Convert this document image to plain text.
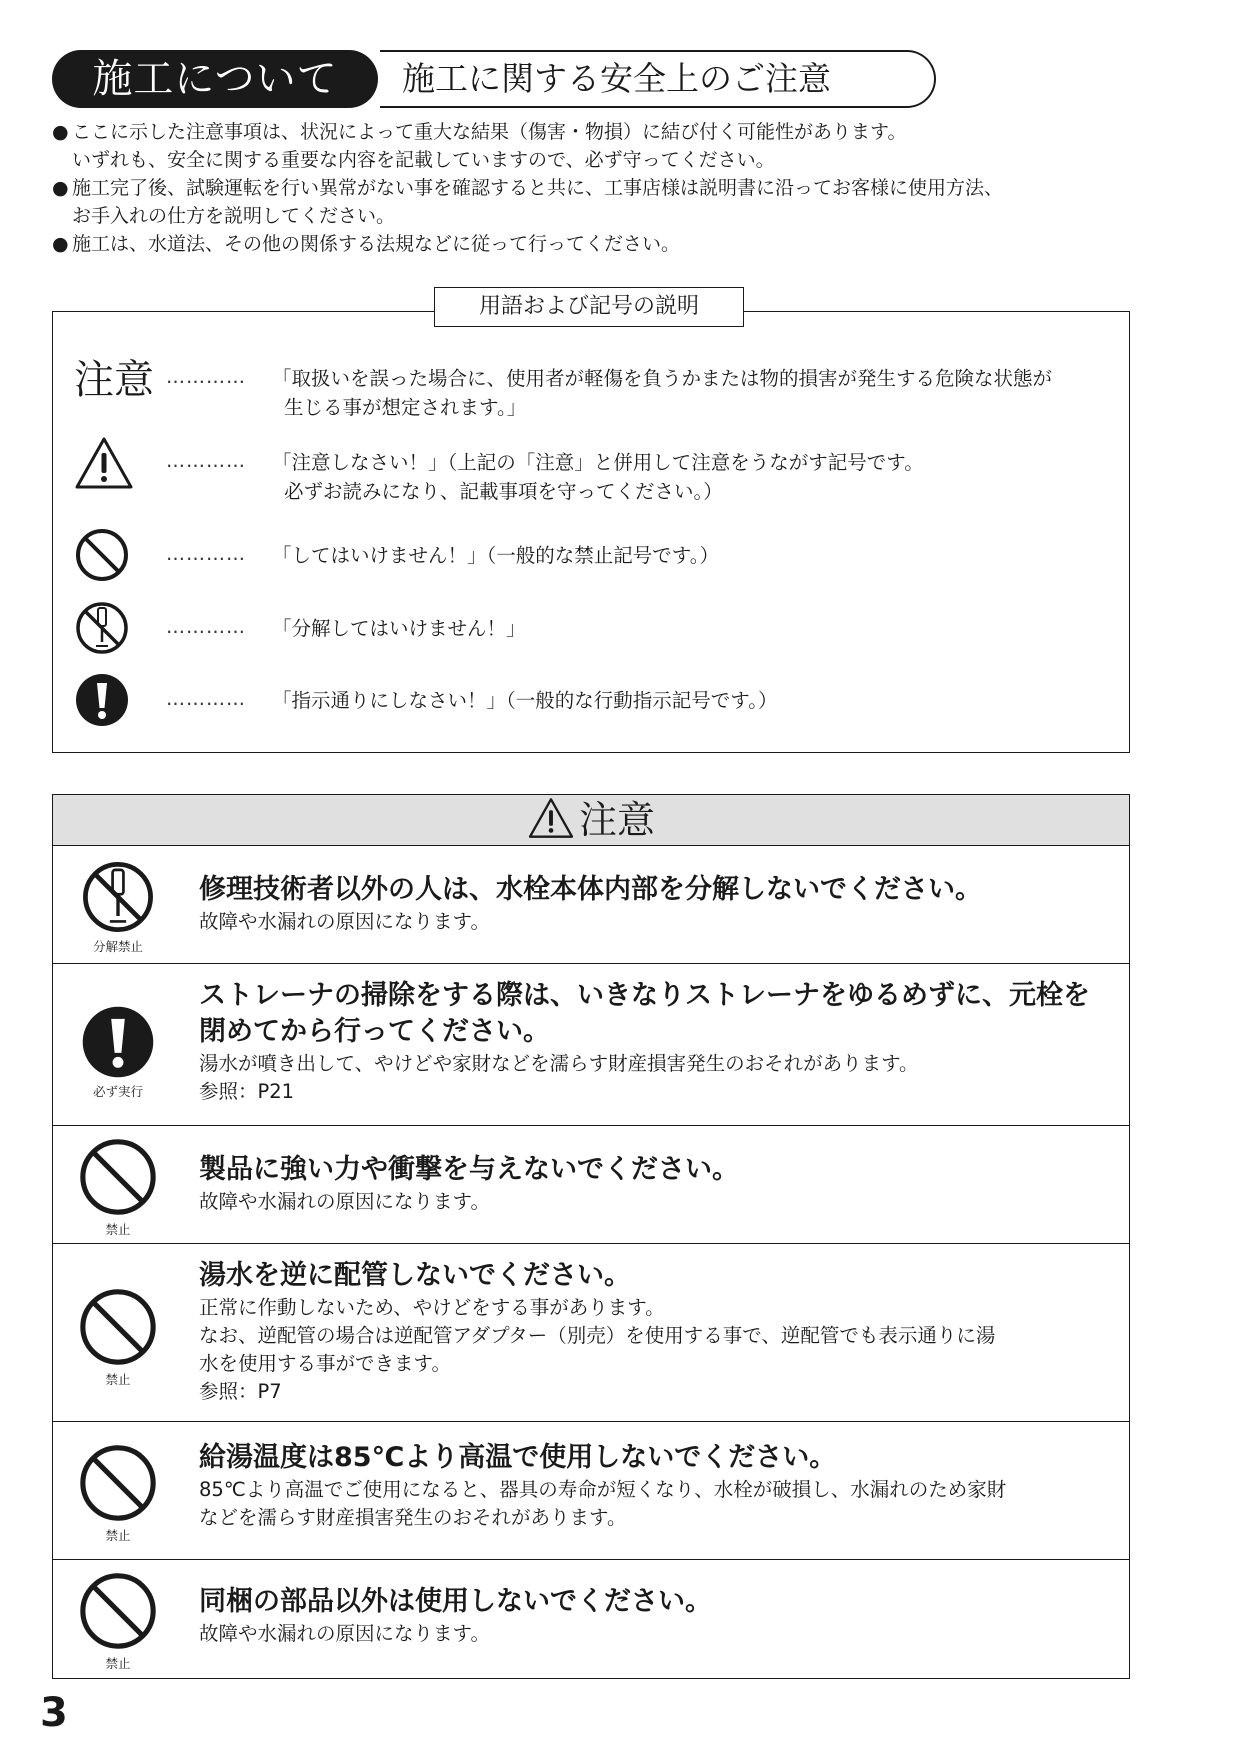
施工について	施工に関する安全上のご注意

● ここに示した注意事項は、状況によって重大な結果（傷害・物損）に結び付く可能性があります。
いずれも、安全に関する重要な内容を記載していますので、必ず守ってください。

● 施工完了後、試験運転を行い異常がない事を確認すると共に、工事店様は説明書に沿ってお客様に使用方法、
お手入れの仕方を説明してください。

● 施工は、水道法、その他の関係する法規などに従って行ってください。

用語および記号の説明
注意 ………… 「取扱いを誤った場合に、使用者が軽傷を負うかまたは物的損害が発生する危険な状態が
生じる事が想定されます。」
………… 「注意しなさい！」（上記の「注意」と併用して注意をうながす記号です。
必ずお読みになり、記載事項を守ってください。）
………… 「してはいけません！」（一般的な禁止記号です。）
………… 「分解してはいけません！」
………… 「指示通りにしなさい！」（一般的な行動指示記号です。）
注意
分解禁止

修理技術者以外の人は、水栓本体内部を分解しないでください。

故障や水漏れの原因になります。

必ず実行

ストレーナの掃除をする際は、いきなりストレーナをゆるめずに、元栓を
閉めてから行ってください。

湯水が噴き出して、やけどや家財などを濡らす財産損害発生のおそれがあります。
参照：P21

禁止

製品に強い力や衝撃を与えないでください。

故障や水漏れの原因になります。

禁止

湯水を逆に配管しないでください。

正常に作動しないため、やけどをする事があります。
なお、逆配管の場合は逆配管アダプター（別売）を使用する事で、逆配管でも表示通りに湯
水を使用する事ができます。
参照：P7

禁止

給湯温度は85℃より高温で使用しないでください。

85℃より高温でご使用になると、器具の寿命が短くなり、水栓が破損し、水漏れのため家財
などを濡らす財産損害発生のおそれがあります。

禁止

同梱の部品以外は使用しないでください。

故障や水漏れの原因になります。

3
